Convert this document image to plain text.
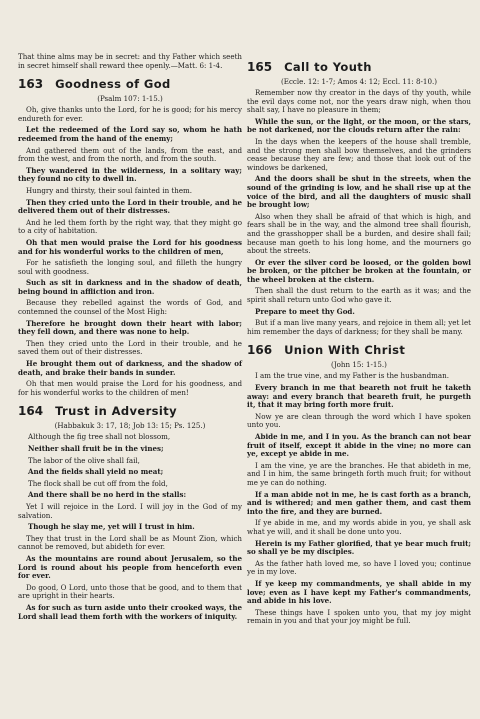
That thine alms may be in secret: and thy Father which seeth in secret himself shall reward thee openly.—Matt. 6: 1-4.

163 Goodness of God
(Psalm 107: 1-15.)

Oh, give thanks unto the Lord, for he is good; for his mercy endureth for ever.

Let the redeemed of the Lord say so, whom he hath redeemed from the hand of the enemy;

And gathered them out of the lands, from the east, and from the west, and from the north, and from the south.

They wandered in the wilderness, in a solitary way; they found no city to dwell in.

Hungry and thirsty, their soul fainted in them.

Then they cried unto the Lord in their trouble, and he delivered them out of their distresses.

And he led them forth by the right way, that they might go to a city of habitation.

Oh that men would praise the Lord for his goodness and for his wonderful works to the children of men,

For he satisfieth the longing soul, and filleth the hungry soul with goodness.

Such as sit in darkness and in the shadow of death, being bound in affliction and iron.

Because they rebelled against the words of God, and contemned the counsel of the Most High:

Therefore he brought down their heart with labor; they fell down, and there was none to help.

Then they cried unto the Lord in their trouble, and he saved them out of their distresses.

He brought them out of darkness, and the shadow of death, and brake their bands in sunder.

Oh that men would praise the Lord for his goodness, and for his wonderful works to the children of men!

164 Trust in Adversity
(Habbakuk 3: 17, 18; Job 13: 15; Ps. 125.)

Although the fig tree shall not blossom,

Neither shall fruit be in the vines;

The labor of the olive shall fail,

And the fields shall yield no meat;

The flock shall be cut off from the fold,

And there shall be no herd in the stalls:

Yet I will rejoice in the Lord. I will joy in the God of my salvation.

Though he slay me, yet will I trust in him.

They that trust in the Lord shall be as Mount Zion, which cannot be removed, but abideth for ever.

As the mountains are round about Jerusalem, so the Lord is round about his people from henceforth even for ever.

Do good, O Lord, unto those that be good, and to them that are upright in their hearts.

As for such as turn aside unto their crooked ways, the Lord shall lead them forth with the workers of iniquity.

165 Call to Youth
(Eccle. 12: 1-7; Amos 4: 12; Eccl. 11: 8-10.)

Remember now thy creator in the days of thy youth, while the evil days come not, nor the years draw nigh, when thou shalt say, I have no pleasure in them;

While the sun, or the light, or the moon, or the stars, be not darkened, nor the clouds return after the rain:

In the days when the keepers of the house shall tremble, and the strong men shall bow themselves, and the grinders cease because they are few; and those that look out of the windows be darkened,

And the doors shall be shut in the streets, when the sound of the grinding is low, and he shall rise up at the voice of the bird, and all the daughters of music shall be brought low;

Also when they shall be afraid of that which is high, and fears shall be in the way, and the almond tree shall flourish, and the grasshopper shall be a burden, and desire shall fail; because man goeth to his long home, and the mourners go about the streets.

Or ever the silver cord be loosed, or the golden bowl be broken, or the pitcher be broken at the fountain, or the wheel broken at the cistern.

Then shall the dust return to the earth as it was; and the spirit shall return unto God who gave it.

Prepare to meet thy God.

But if a man live many years, and rejoice in them all; yet let him remember the days of darkness; for they shall be many.

166 Union With Christ
(John 15: 1-15.)

I am the true vine, and my Father is the husbandman.

Every branch in me that beareth not fruit he taketh away: and every branch that beareth fruit, he purgeth it, that it may bring forth more fruit.

Now ye are clean through the word which I have spoken unto you.

Abide in me, and I in you. As the branch can not bear fruit of itself, except it abide in the vine; no more can ye, except ye abide in me.

I am the vine, ye are the branches. He that abideth in me, and I in him, the same bringeth forth much fruit; for without me ye can do nothing.

If a man abide not in me, he is cast forth as a branch, and is withered; and men gather them, and cast them into the fire, and they are burned.

If ye abide in me, and my words abide in you, ye shall ask what ye will, and it shall be done unto you.

Herein is my Father glorified, that ye bear much fruit; so shall ye be my disciples.

As the father hath loved me, so have I loved you; continue ye in my love.

If ye keep my commandments, ye shall abide in my love; even as I have kept my Father's commandments, and abide in his love.

These things have I spoken unto you, that my joy might remain in you and that your joy might be full.
